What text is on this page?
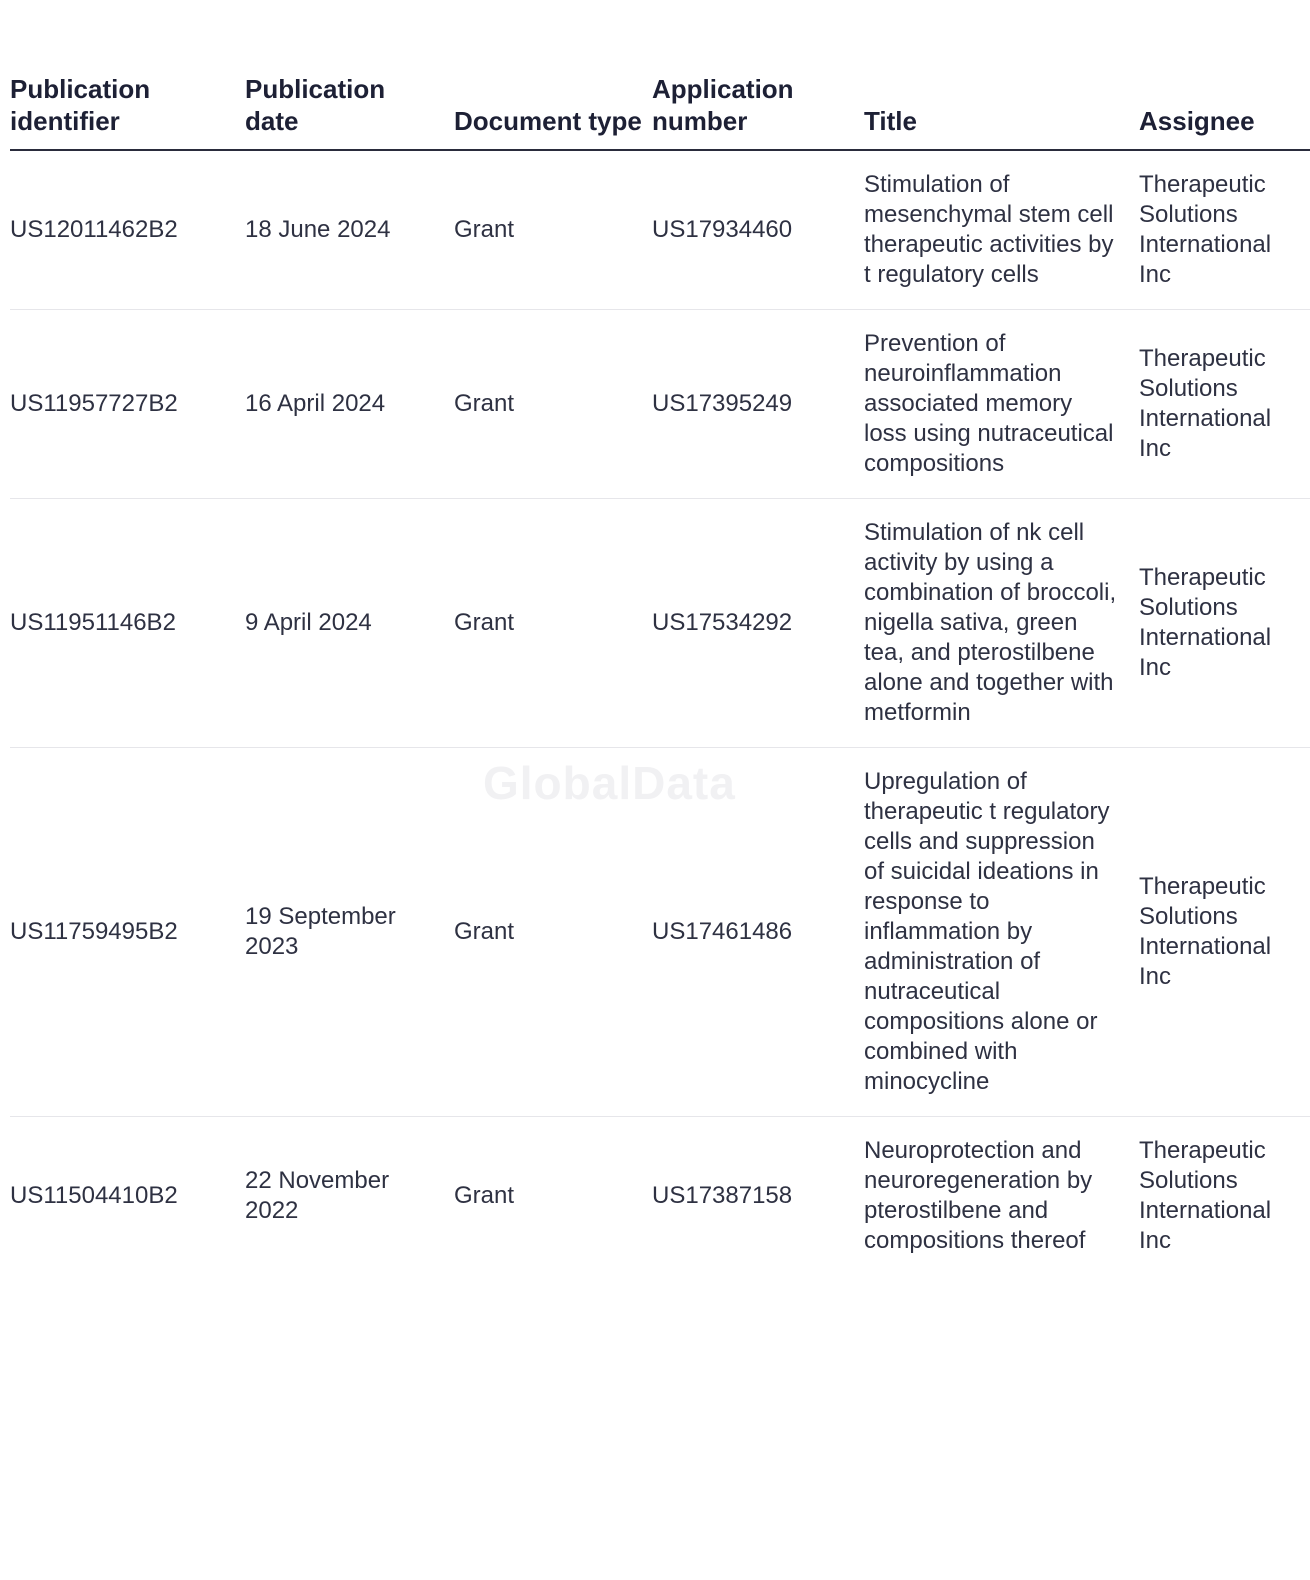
Publication identifier	Publication date	Document type	Application number	Title	Assignee
US12011462B2	18 June 2024	Grant	US17934460	Stimulation of mesenchymal stem cell therapeutic activities by t regulatory cells	Therapeutic Solutions International Inc
US11957727B2	16 April 2024	Grant	US17395249	Prevention of neuroinflammation associated memory loss using nutraceutical compositions	Therapeutic Solutions International Inc
US11951146B2	9 April 2024	Grant	US17534292	Stimulation of nk cell activity by using a combination of broccoli, nigella sativa, green tea, and pterostilbene alone and together with metformin	Therapeutic Solutions International Inc
US11759495B2	19 September 2023	Grant	US17461486	Upregulation of therapeutic t regulatory cells and suppression of suicidal ideations in response to inflammation by administration of nutraceutical compositions alone or combined with minocycline	Therapeutic Solutions International Inc
US11504410B2	22 November 2022	Grant	US17387158	Neuroprotection and neuroregeneration by pterostilbene and compositions thereof	Therapeutic Solutions International Inc
GlobalData
